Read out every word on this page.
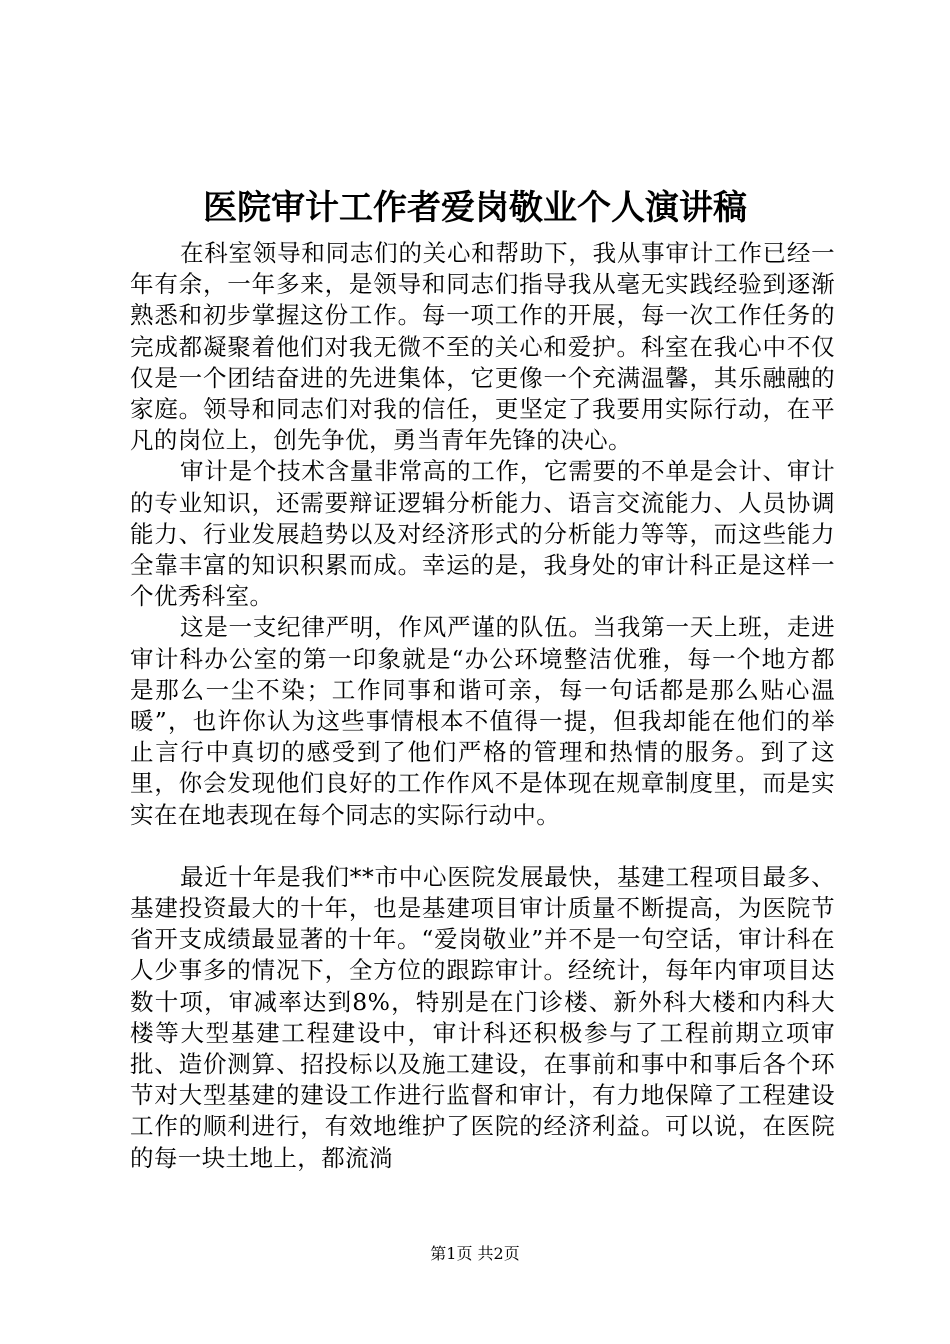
医院审计工作者爱岗敬业个人演讲稿

在科室领导和同志们的关心和帮助下，我从事审计工作已经一年有余，一年多来，是领导和同志们指导我从毫无实践经验到逐渐熟悉和初步掌握这份工作。每一项工作的开展，每一次工作任务的完成都凝聚着他们对我无微不至的关心和爱护。科室在我心中不仅仅是一个团结奋进的先进集体，它更像一个充满温馨，其乐融融的家庭。领导和同志们对我的信任，更坚定了我要用实际行动，在平凡的岗位上，创先争优，勇当青年先锋的决心。

审计是个技术含量非常高的工作，它需要的不单是会计、审计的专业知识，还需要辩证逻辑分析能力、语言交流能力、人员协调能力、行业发展趋势以及对经济形式的分析能力等等，而这些能力全靠丰富的知识积累而成。幸运的是，我身处的审计科正是这样一个优秀科室。

这是一支纪律严明，作风严谨的队伍。当我第一天上班，走进审计科办公室的第一印象就是“办公环境整洁优雅，每一个地方都是那么一尘不染；工作同事和谐可亲，每一句话都是那么贴心温暖”，也许你认为这些事情根本不值得一提，但我却能在他们的举止言行中真切的感受到了他们严格的管理和热情的服务。到了这里，你会发现他们良好的工作作风不是体现在规章制度里，而是实实在在地表现在每个同志的实际行动中。

最近十年是我们**市中心医院发展最快，基建工程项目最多、基建投资最大的十年，也是基建项目审计质量不断提高，为医院节省开支成绩最显著的十年。“爱岗敬业”并不是一句空话，审计科在人少事多的情况下，全方位的跟踪审计。经统计，每年内审项目达数十项，审减率达到8%，特别是在门诊楼、新外科大楼和内科大楼等大型基建工程建设中，审计科还积极参与了工程前期立项审批、造价测算、招投标以及施工建设，在事前和事中和事后各个环节对大型基建的建设工作进行监督和审计，有力地保障了工程建设工作的顺利进行，有效地维护了医院的经济利益。可以说，在医院的每一块土地上，都流淌

第1页 共2页
